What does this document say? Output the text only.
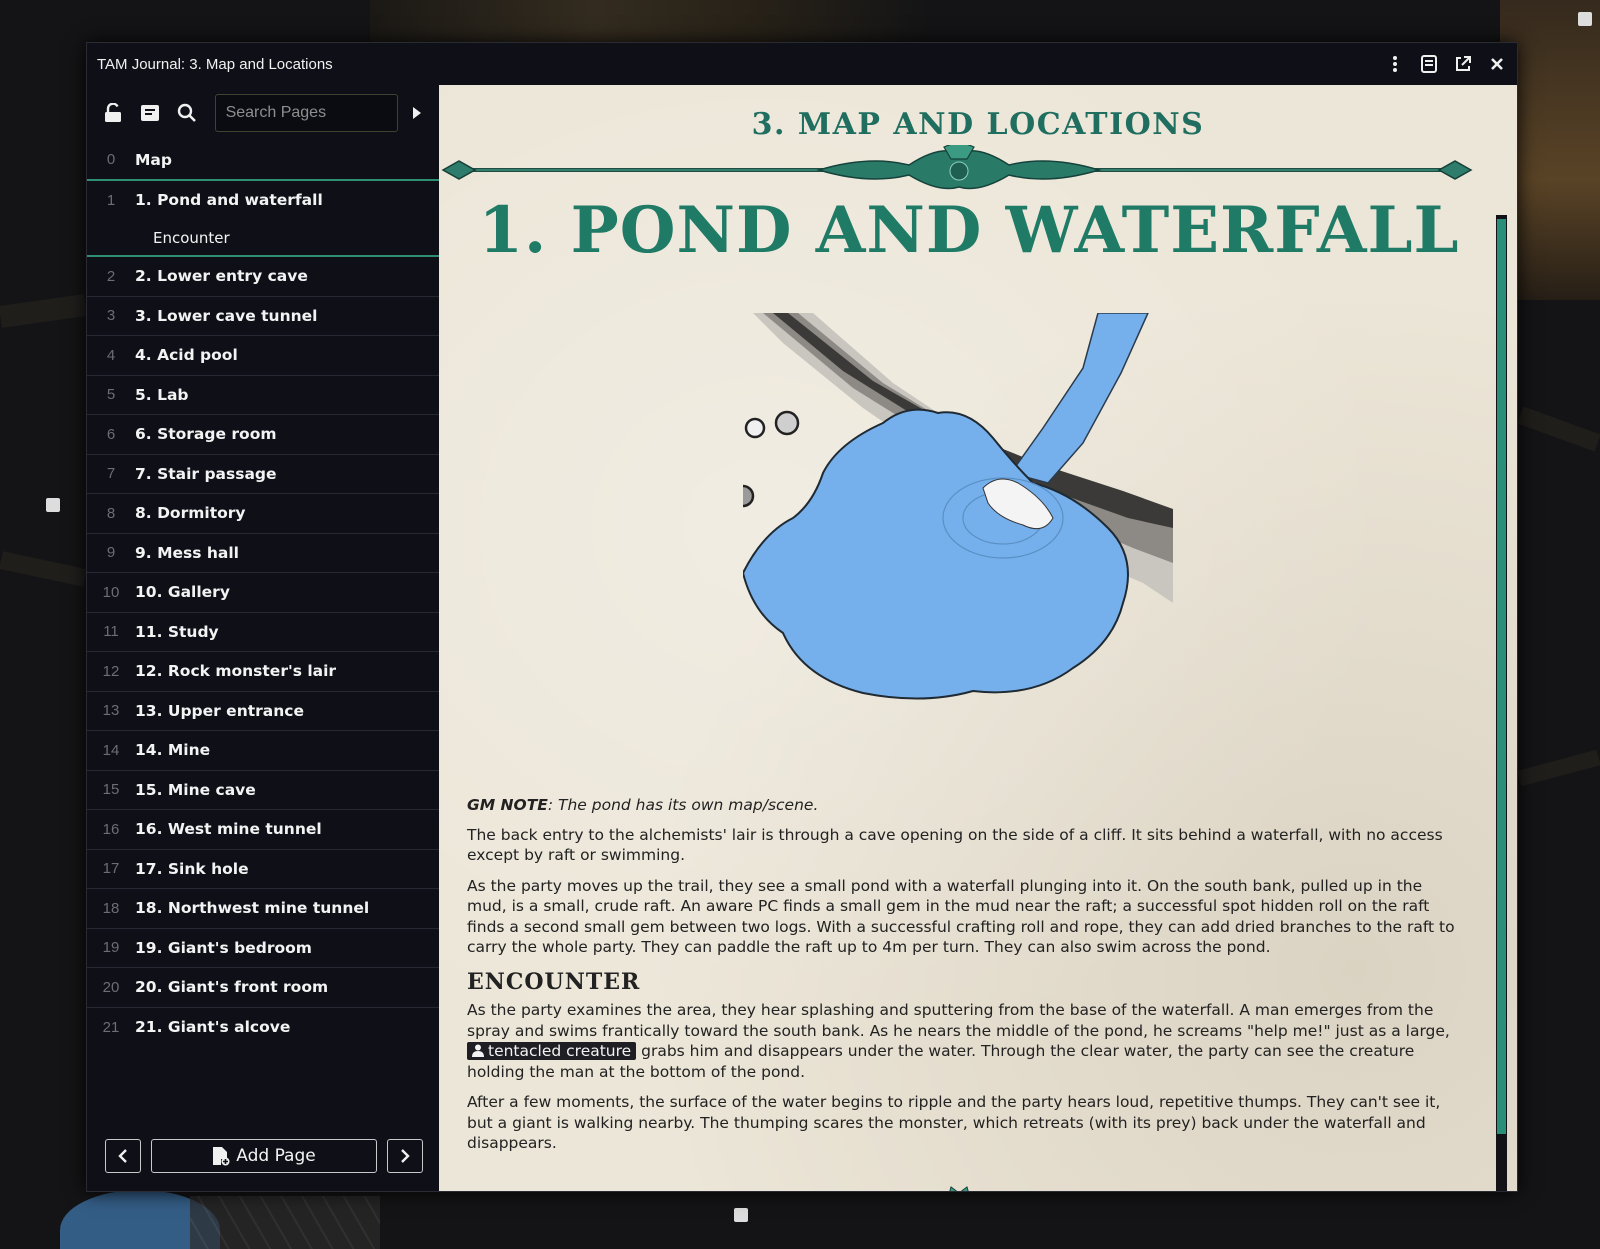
TAM Journal: 3. Map and Locations
Search Pages
0	Map
1	1. Pond and waterfall
Encounter
2	2. Lower entry cave
3	3. Lower cave tunnel
4	4. Acid pool
5	5. Lab
6	6. Storage room
7	7. Stair passage
8	8. Dormitory
9	9. Mess hall
10	10. Gallery
11	11. Study
12	12. Rock monster's lair
13	13. Upper entrance
14	14. Mine
15	15. Mine cave
16	16. West mine tunnel
17	17. Sink hole
18	18. Northwest mine tunnel
19	19. Giant's bedroom
20	20. Giant's front room
21	21. Giant's alcove
Add Page
3. MAP AND LOCATIONS
1. POND AND WATERFALL

GM NOTE: The pond has its own map/scene.

The back entry to the alchemists' lair is through a cave opening on the side of a cliff. It sits behind a waterfall, with no access except by raft or swimming.

As the party moves up the trail, they see a small pond with a waterfall plunging into it. On the south bank, pulled up in the mud, is a small, crude raft. An aware PC finds a small gem in the mud near the raft; a successful spot hidden roll on the raft finds a second small gem between two logs. With a successful crafting roll and rope, they can add dried branches to the raft to carry the whole party. They can paddle the raft up to 4m per turn. They can also swim across the pond.

ENCOUNTER

As the party examines the area, they hear splashing and sputtering from the base of the waterfall. A man emerges from the spray and swims frantically toward the south bank. As he nears the middle of the pond, he screams "help me!" just as a large, tentacled creature grabs him and disappears under the water. Through the clear water, the party can see the creature holding the man at the bottom of the pond.

After a few moments, the surface of the water begins to ripple and the party hears loud, repetitive thumps. They can't see it, but a giant is walking nearby. The thumping scares the monster, which retreats (with its prey) back under the waterfall and disappears.
